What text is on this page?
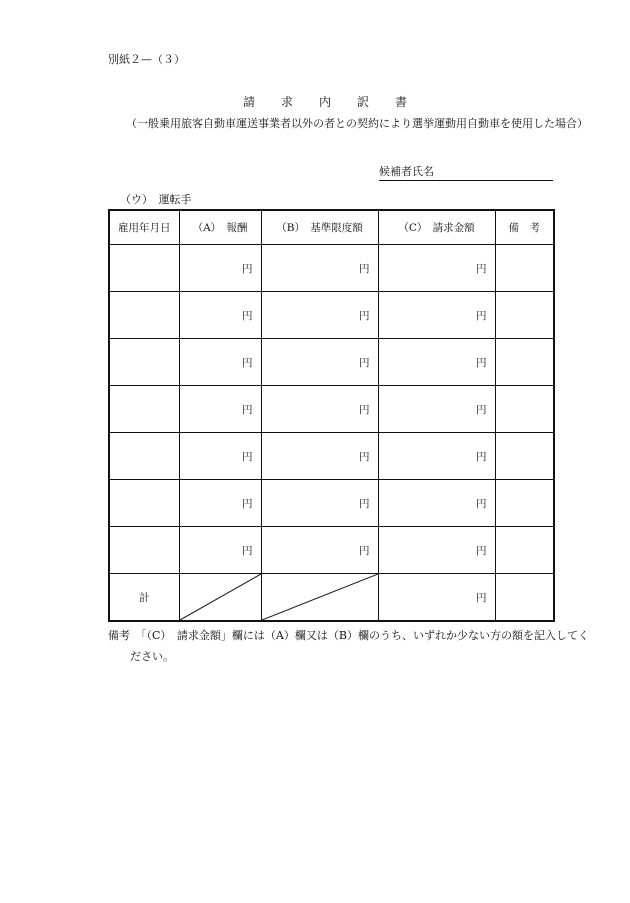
別紙２—（３）
請求内訳書
（一般乗用旅客自動車運送事業者以外の者との契約により選挙運動用自動車を使用した場合）
候補者氏名
（ウ）　運転手
雇用年月日	（A）　報酬	（B）　基準限度額	（C）　請求金額	備　考
	円	円	円	
	円	円	円	
	円	円	円	
	円	円	円	
	円	円	円	
	円	円	円	
	円	円	円	
計			円	
備考　「（C）　請求金額」欄には（A）欄又は（B）欄のうち、いずれか少ない方の額を記入してください。
